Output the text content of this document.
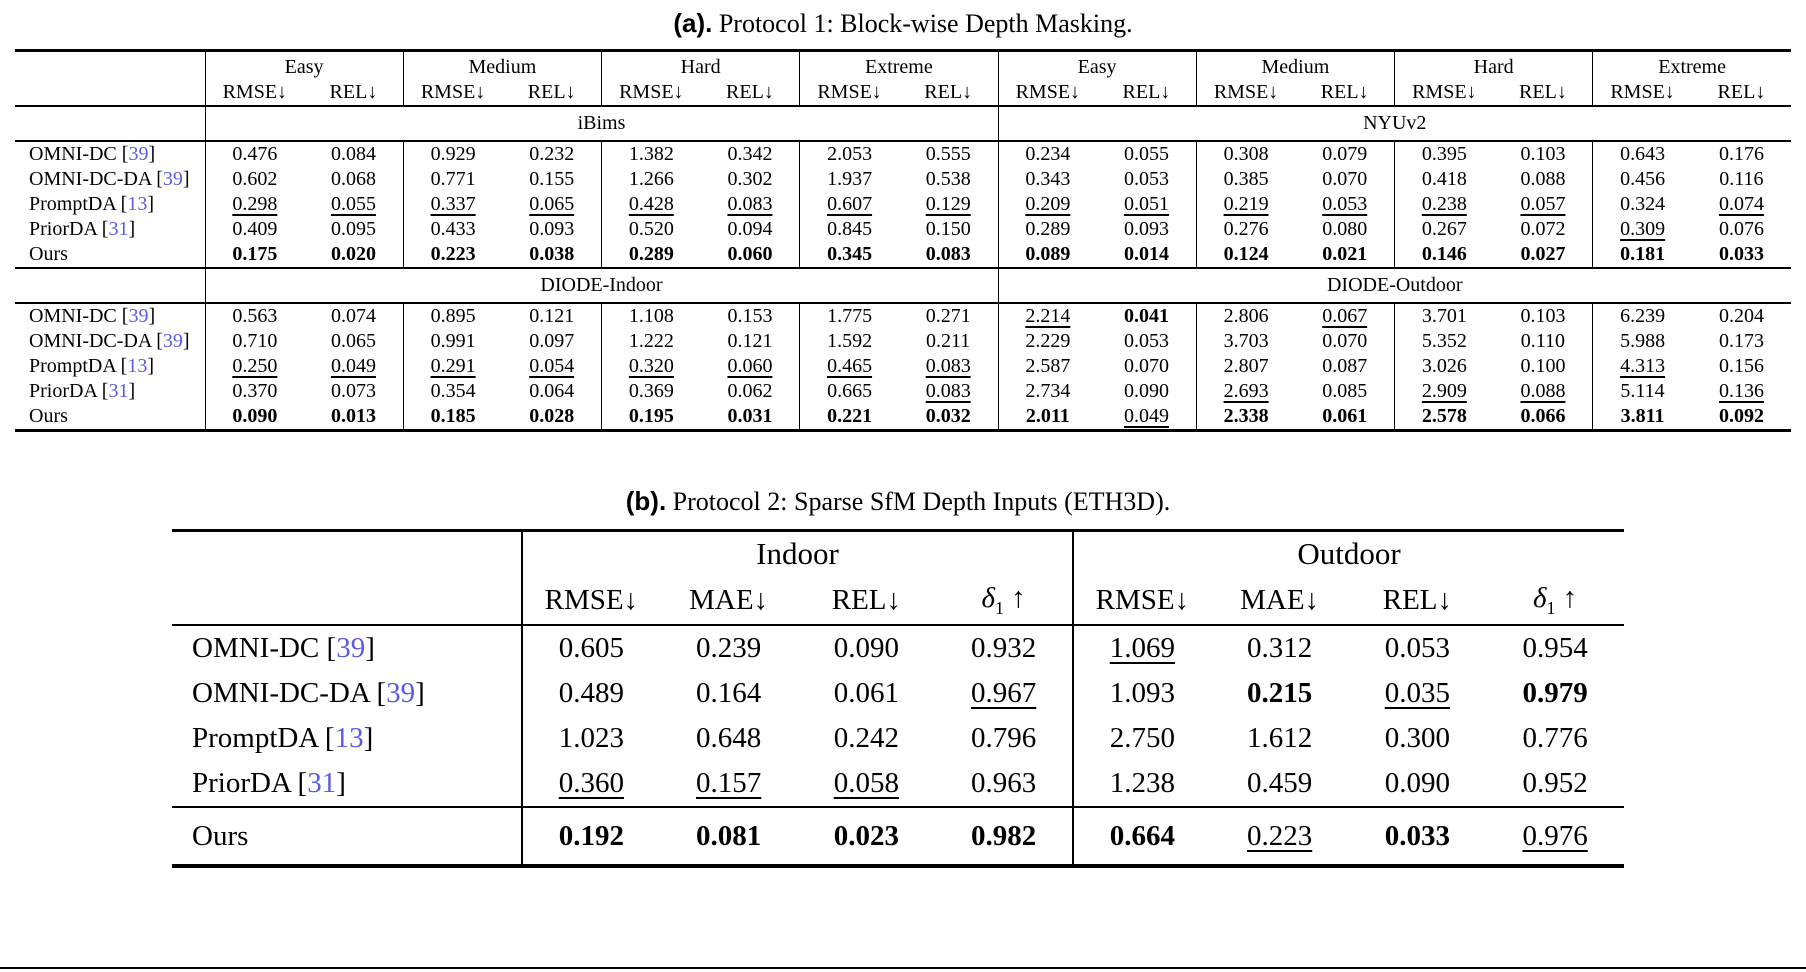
(a). Protocol 1: Block-wise Depth Masking.
	Easy		Medium		Hard		Extreme		Easy		Medium		Hard		Extreme	
	RMSE↓	REL↓	RMSE↓	REL↓	RMSE↓	REL↓	RMSE↓	REL↓	RMSE↓	REL↓	RMSE↓	REL↓	RMSE↓	REL↓	RMSE↓	REL↓
	iBims								NYUv2							
OMNI-DC [39]	0.476	0.084	0.929	0.232	1.382	0.342	2.053	0.555	0.234	0.055	0.308	0.079	0.395	0.103	0.643	0.176
OMNI-DC-DA [39]	0.602	0.068	0.771	0.155	1.266	0.302	1.937	0.538	0.343	0.053	0.385	0.070	0.418	0.088	0.456	0.116
PromptDA [13]	0.298	0.055	0.337	0.065	0.428	0.083	0.607	0.129	0.209	0.051	0.219	0.053	0.238	0.057	0.324	0.074
PriorDA [31]	0.409	0.095	0.433	0.093	0.520	0.094	0.845	0.150	0.289	0.093	0.276	0.080	0.267	0.072	0.309	0.076
Ours	0.175	0.020	0.223	0.038	0.289	0.060	0.345	0.083	0.089	0.014	0.124	0.021	0.146	0.027	0.181	0.033
	DIODE-Indoor								DIODE-Outdoor							
OMNI-DC [39]	0.563	0.074	0.895	0.121	1.108	0.153	1.775	0.271	2.214	0.041	2.806	0.067	3.701	0.103	6.239	0.204
OMNI-DC-DA [39]	0.710	0.065	0.991	0.097	1.222	0.121	1.592	0.211	2.229	0.053	3.703	0.070	5.352	0.110	5.988	0.173
PromptDA [13]	0.250	0.049	0.291	0.054	0.320	0.060	0.465	0.083	2.587	0.070	2.807	0.087	3.026	0.100	4.313	0.156
PriorDA [31]	0.370	0.073	0.354	0.064	0.369	0.062	0.665	0.083	2.734	0.090	2.693	0.085	2.909	0.088	5.114	0.136
Ours	0.090	0.013	0.185	0.028	0.195	0.031	0.221	0.032	2.011	0.049	2.338	0.061	2.578	0.066	3.811	0.092
(b). Protocol 2: Sparse SfM Depth Inputs (ETH3D).
	Indoor				Outdoor			
	RMSE↓	MAE↓	REL↓	$\delta_1$ ↑	RMSE↓	MAE↓	REL↓	$\delta_1$ ↑
OMNI-DC [39]	0.605	0.239	0.090	0.932	1.069	0.312	0.053	0.954
OMNI-DC-DA [39]	0.489	0.164	0.061	0.967	1.093	0.215	0.035	0.979
PromptDA [13]	1.023	0.648	0.242	0.796	2.750	1.612	0.300	0.776
PriorDA [31]	0.360	0.157	0.058	0.963	1.238	0.459	0.090	0.952
Ours	0.192	0.081	0.023	0.982	0.664	0.223	0.033	0.976
